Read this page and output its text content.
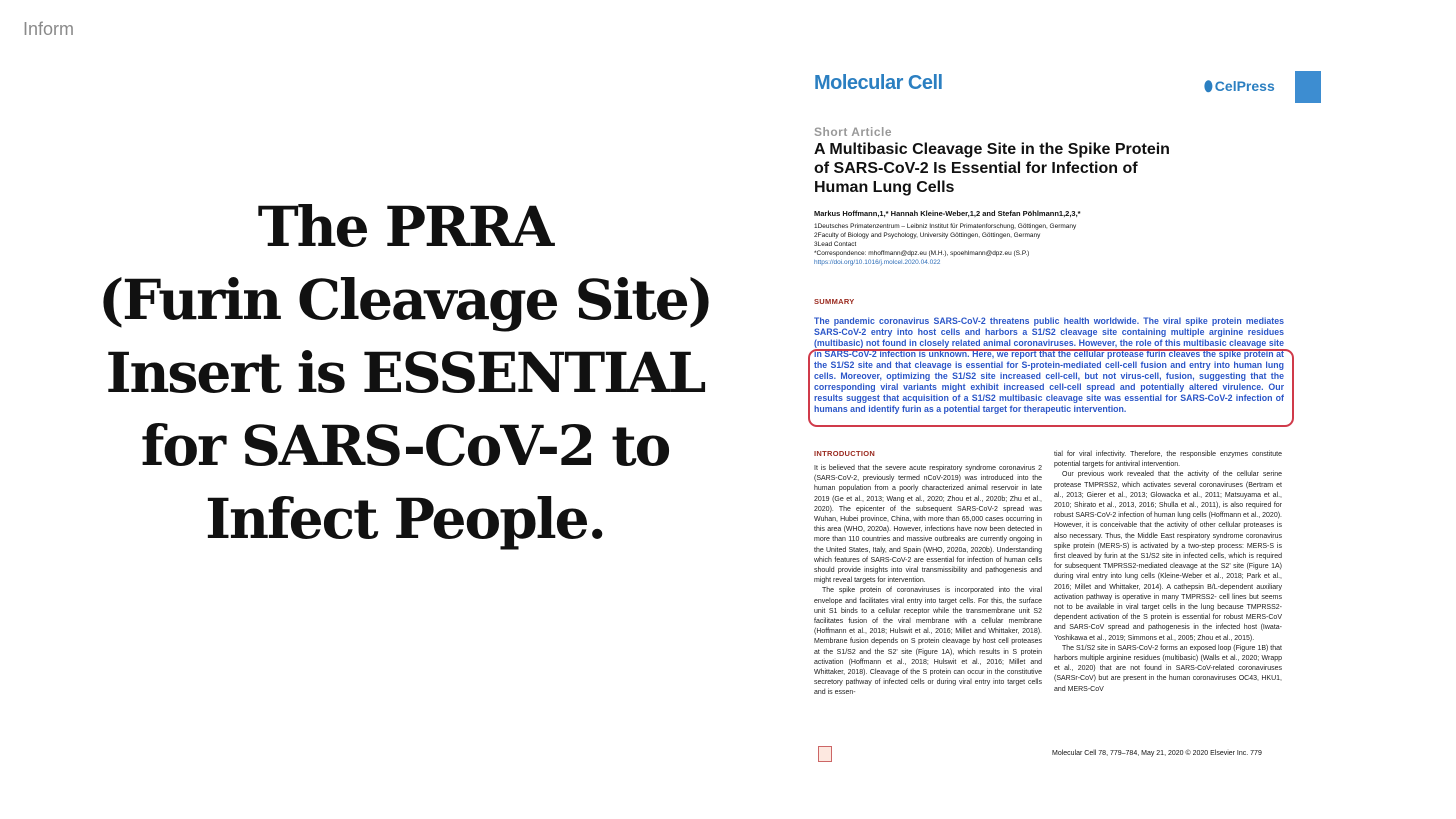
Inform
The PRRA
(Furin Cleavage Site)
Insert is ESSENTIAL
for SARS-CoV-2 to
Infect People.
Molecular Cell	⬮ CelPress
Short Article
A Multibasic Cleavage Site in the Spike Protein of SARS-CoV-2 Is Essential for Infection of Human Lung Cells
Markus Hoffmann,1,* Hannah Kleine-Weber,1,2 and Stefan Pöhlmann1,2,3,*
1Deutsches Primatenzentrum – Leibniz Institut für Primatenforschung, Göttingen, Germany
2Faculty of Biology and Psychology, University Göttingen, Göttingen, Germany
3Lead Contact
*Correspondence: mhoffmann@dpz.eu (M.H.), spoehlmann@dpz.eu (S.P.)
https://doi.org/10.1016/j.molcel.2020.04.022
SUMMARY
The pandemic coronavirus SARS-CoV-2 threatens public health worldwide. The viral spike protein mediates SARS-CoV-2 entry into host cells and harbors a S1/S2 cleavage site containing multiple arginine residues (multibasic) not found in closely related animal coronaviruses. However, the role of this multibasic cleavage site in SARS-CoV-2 infection is unknown. Here, we report that the cellular protease furin cleaves the spike protein at the S1/S2 site and that cleavage is essential for S-protein-mediated cell-cell fusion and entry into human lung cells. Moreover, optimizing the S1/S2 site increased cell-cell, but not virus-cell, fusion, suggesting that the corresponding viral variants might exhibit increased cell-cell spread and potentially altered virulence. Our results suggest that acquisition of a S1/S2 multibasic cleavage site was essential for SARS-CoV-2 infection of humans and identify furin as a potential target for therapeutic intervention.
INTRODUCTION

It is believed that the severe acute respiratory syndrome coronavirus 2 (SARS-CoV-2, previously termed nCoV-2019) was introduced into the human population from a poorly characterized animal reservoir in late 2019 (Ge et al., 2013; Wang et al., 2020; Zhou et al., 2020b; Zhu et al., 2020). The epicenter of the subsequent SARS-CoV-2 spread was Wuhan, Hubei province, China, with more than 65,000 cases occurring in this area (WHO, 2020a). However, infections have now been detected in more than 110 countries and massive outbreaks are currently ongoing in the United States, Italy, and Spain (WHO, 2020a, 2020b). Understanding which features of SARS-CoV-2 are essential for infection of human cells should provide insights into viral transmissibility and pathogenesis and might reveal targets for intervention.

The spike protein of coronaviruses is incorporated into the viral envelope and facilitates viral entry into target cells. For this, the surface unit S1 binds to a cellular receptor while the transmembrane unit S2 facilitates fusion of the viral membrane with a cellular membrane (Hoffmann et al., 2018; Hulswit et al., 2016; Millet and Whittaker, 2018). Membrane fusion depends on S protein cleavage by host cell proteases at the S1/S2 and the S2' site (Figure 1A), which results in S protein activation (Hoffmann et al., 2018; Hulswit et al., 2016; Millet and Whittaker, 2018). Cleavage of the S protein can occur in the constitutive secretory pathway of infected cells or during viral entry into target cells and is essen-

tial for viral infectivity. Therefore, the responsible enzymes constitute potential targets for antiviral intervention.

Our previous work revealed that the activity of the cellular serine protease TMPRSS2, which activates several coronaviruses (Bertram et al., 2013; Gierer et al., 2013; Glowacka et al., 2011; Matsuyama et al., 2010; Shirato et al., 2013, 2016; Shulla et al., 2011), is also required for robust SARS-CoV-2 infection of human lung cells (Hoffmann et al., 2020). However, it is conceivable that the activity of other cellular proteases is also necessary. Thus, the Middle East respiratory syndrome coronavirus spike protein (MERS-S) is activated by a two-step process: MERS-S is first cleaved by furin at the S1/S2 site in infected cells, which is required for subsequent TMPRSS2-mediated cleavage at the S2' site (Figure 1A) during viral entry into lung cells (Kleine-Weber et al., 2018; Park et al., 2016; Millet and Whittaker, 2014). A cathepsin B/L-dependent auxiliary activation pathway is operative in many TMPRSS2- cell lines but seems not to be available in viral target cells in the lung because TMPRSS2-dependent activation of the S protein is essential for robust MERS-CoV and SARS-CoV spread and pathogenesis in the infected host (Iwata-Yoshikawa et al., 2019; Simmons et al., 2005; Zhou et al., 2015).

The S1/S2 site in SARS-CoV-2 forms an exposed loop (Figure 1B) that harbors multiple arginine residues (multibasic) (Walls et al., 2020; Wrapp et al., 2020) that are not found in SARS-CoV-related coronaviruses (SARSr-CoV) but are present in the human coronaviruses OC43, HKU1, and MERS-CoV

Molecular Cell 78, 779–784, May 21, 2020 © 2020 Elsevier Inc. 779
